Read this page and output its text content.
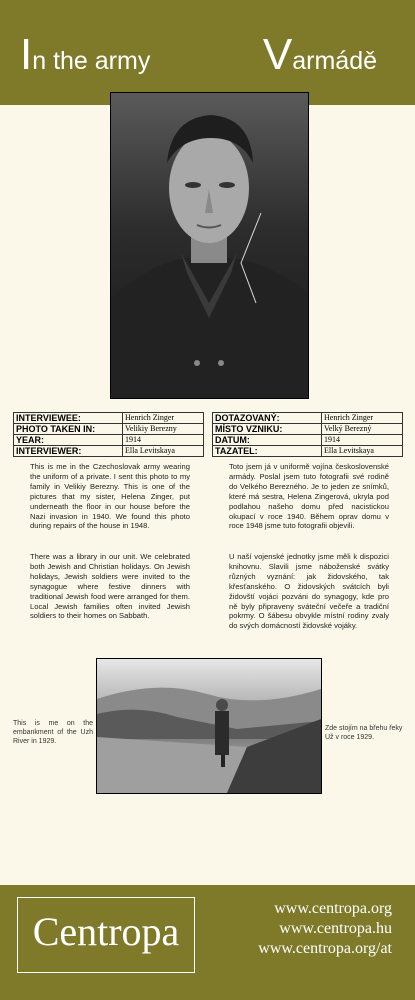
In the army	Varmádě
INTERVIEWEE:	Henrich Zinger
PHOTO TAKEN IN:	Velikiy Berezny
YEAR:	1914
INTERVIEWER:	Ella Levitskaya
DOTAZOVANÝ:	Henrich Zinger
MÍSTO VZNIKU:	Velký Berezný
DATUM:	1914
TAZATEL:	Ella Levitskaya

This is me in the Czechoslovak army wearing the uniform of a private. I sent this photo to my family in Velikiy Berezny. This is one of the pictures that my sister, Helena Zinger, put underneath the floor in our house before the Nazi invasion in 1940. We found this photo during repairs of the house in 1948.

There was a library in our unit. We celebrated both Jewish and Christian holidays. On Jewish holidays, Jewish soldiers were invited to the synagogue where festive dinners with traditional Jewish food were arranged for them. Local Jewish families often invited Jewish soldiers to their homes on Sabbath.

Toto jsem já v uniformě vojína československé armády. Poslal jsem tuto fotografii své rodině do Velkého Berezného. Je to jeden ze snímků, které má sestra, Helena Zingerová, ukryla pod podlahou našeho domu před nacistickou okupací v roce 1940. Během oprav domu v roce 1948 jsme tuto fotografii objevili.

U naší vojenské jednotky jsme měli k dispozici knihovnu. Slavili jsme náboženské svátky různých vyznání: jak židovského, tak křesťanského. O židovských svátcích byli židovští vojáci pozváni do synagogy, kde pro ně byly připraveny sváteční večeře a tradiční pokrmy. O šábesu obvykle místní rodiny zvaly do svých domácností židovské vojáky.

This is me on the embankment of the Uzh River in 1929.

Zde stojím na břehu řeky Už v roce 1929.

Centropa
www.centropa.org
www.centropa.hu
www.centropa.org/at
